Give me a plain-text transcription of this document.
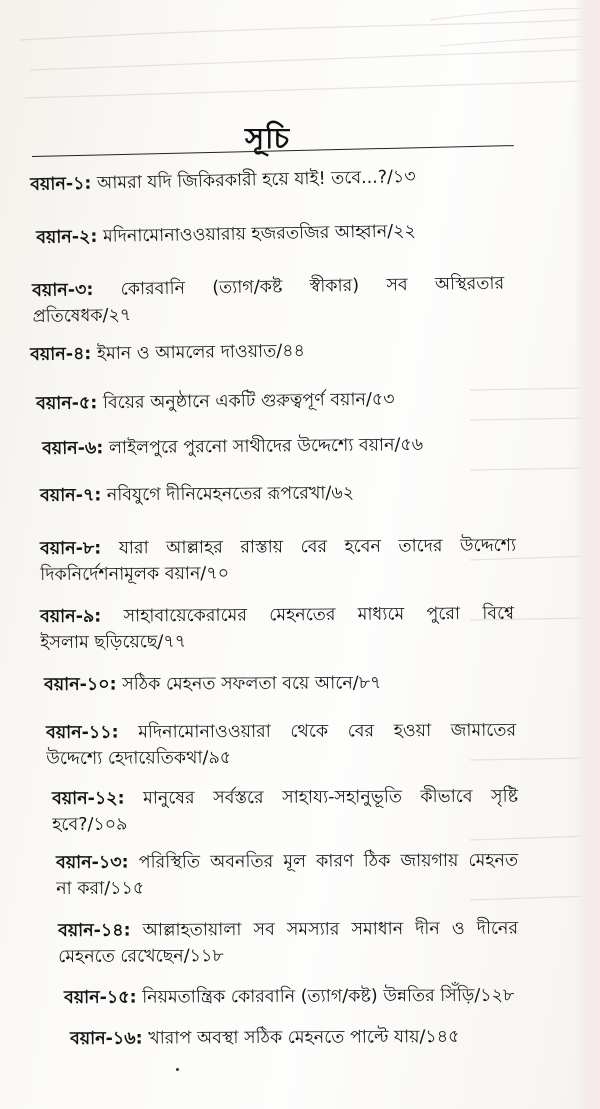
সূচি
বয়ান-১: আমরা যদি জিকিরকারী হয়ে যাই! তবে...?/১৩
বয়ান-২: মদিনামোনাওওয়ারায় হজরতজির আহ্বান/২২
বয়ান-৩: কোরবানি (ত্যাগ/কষ্ট স্বীকার) সব অস্থিরতার
প্রতিষেধক/২৭
বয়ান-৪: ইমান ও আমলের দাওয়াত/৪৪
বয়ান-৫: বিয়ের অনুষ্ঠানে একটি গুরুত্বপূর্ণ বয়ান/৫৩
বয়ান-৬: লাইলপুরে পুরনো সাথীদের উদ্দেশ্যে বয়ান/৫৬
বয়ান-৭: নবিযুগে দীনিমেহনতের রূপরেখা/৬২
বয়ান-৮: যারা আল্লাহর রাস্তায় বের হবেন তাদের উদ্দেশ্যে
দিকনির্দেশনামূলক বয়ান/৭০
বয়ান-৯: সাহাবায়েকেরামের মেহনতের মাধ্যমে পুরো বিশ্বে
ইসলাম ছড়িয়েছে/৭৭
বয়ান-১০: সঠিক মেহনত সফলতা বয়ে আনে/৮৭
বয়ান-১১: মদিনামোনাওওয়ারা থেকে বের হওয়া জামাতের
উদ্দেশ্যে হেদায়েতিকথা/৯৫
বয়ান-১২: মানুষের সর্বস্তরে সাহায্য-সহানুভূতি কীভাবে সৃষ্টি
হবে?/১০৯
বয়ান-১৩: পরিস্থিতি অবনতির মূল কারণ ঠিক জায়গায় মেহনত
না করা/১১৫
বয়ান-১৪: আল্লাহতায়ালা সব সমস্যার সমাধান দীন ও দীনের
মেহনতে রেখেছেন/১১৮
বয়ান-১৫: নিয়মতান্ত্রিক কোরবানি (ত্যাগ/কষ্ট) উন্নতির সিঁড়ি/১২৮
বয়ান-১৬: খারাপ অবস্থা সঠিক মেহনতে পাল্টে যায়/১৪৫
